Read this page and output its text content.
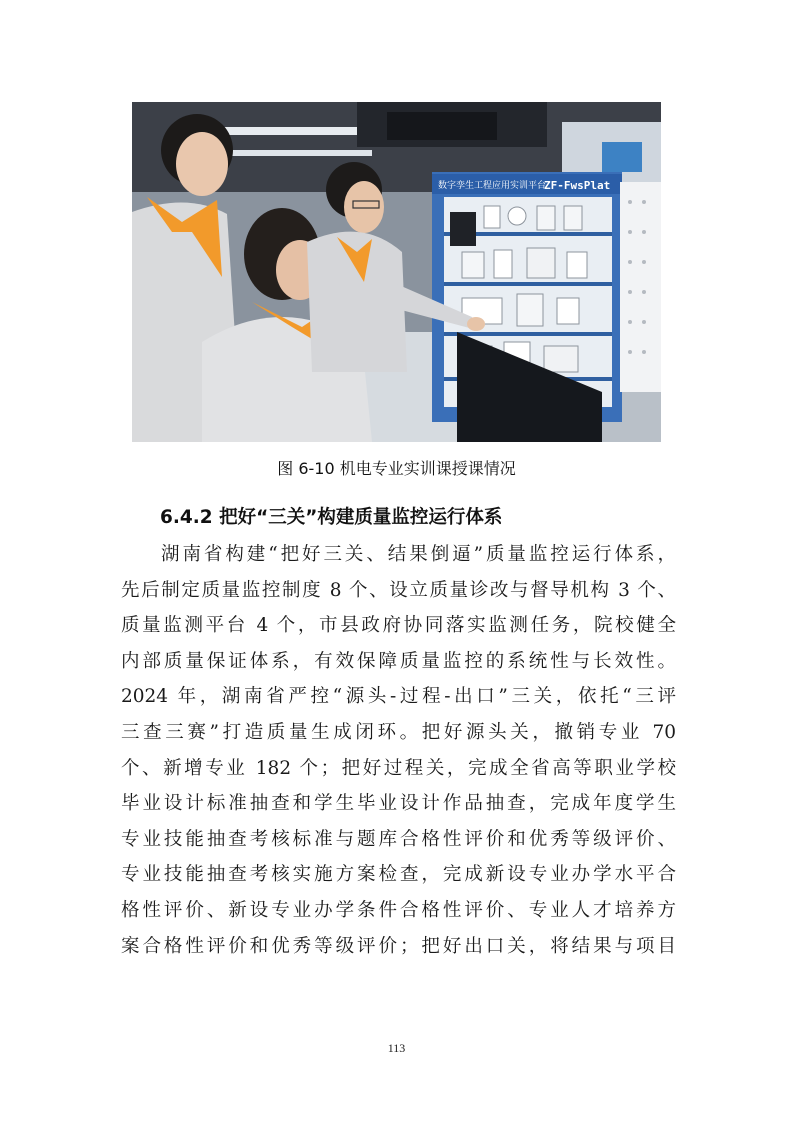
数字孪生工程应用实训平台
ZF-FwsPlat
图 6-10 机电专业实训课授课情况
6.4.2 把好“三关”构建质量监控运行体系
湖南省构建“把好三关、结果倒逼”质量监控运行体系，
先后制定质量监控制度 8 个、设立质量诊改与督导机构 3 个、
质量监测平台 4 个，市县政府协同落实监测任务，院校健全
内部质量保证体系，有效保障质量监控的系统性与长效性。
2024 年，湖南省严控“源头-过程-出口”三关，依托“三评
三查三赛”打造质量生成闭环。把好源头关，撤销专业 70
个、新增专业 182 个；把好过程关，完成全省高等职业学校
毕业设计标准抽查和学生毕业设计作品抽查，完成年度学生
专业技能抽查考核标准与题库合格性评价和优秀等级评价、
专业技能抽查考核实施方案检查，完成新设专业办学水平合
格性评价、新设专业办学条件合格性评价、专业人才培养方
案合格性评价和优秀等级评价；把好出口关，将结果与项目
113
